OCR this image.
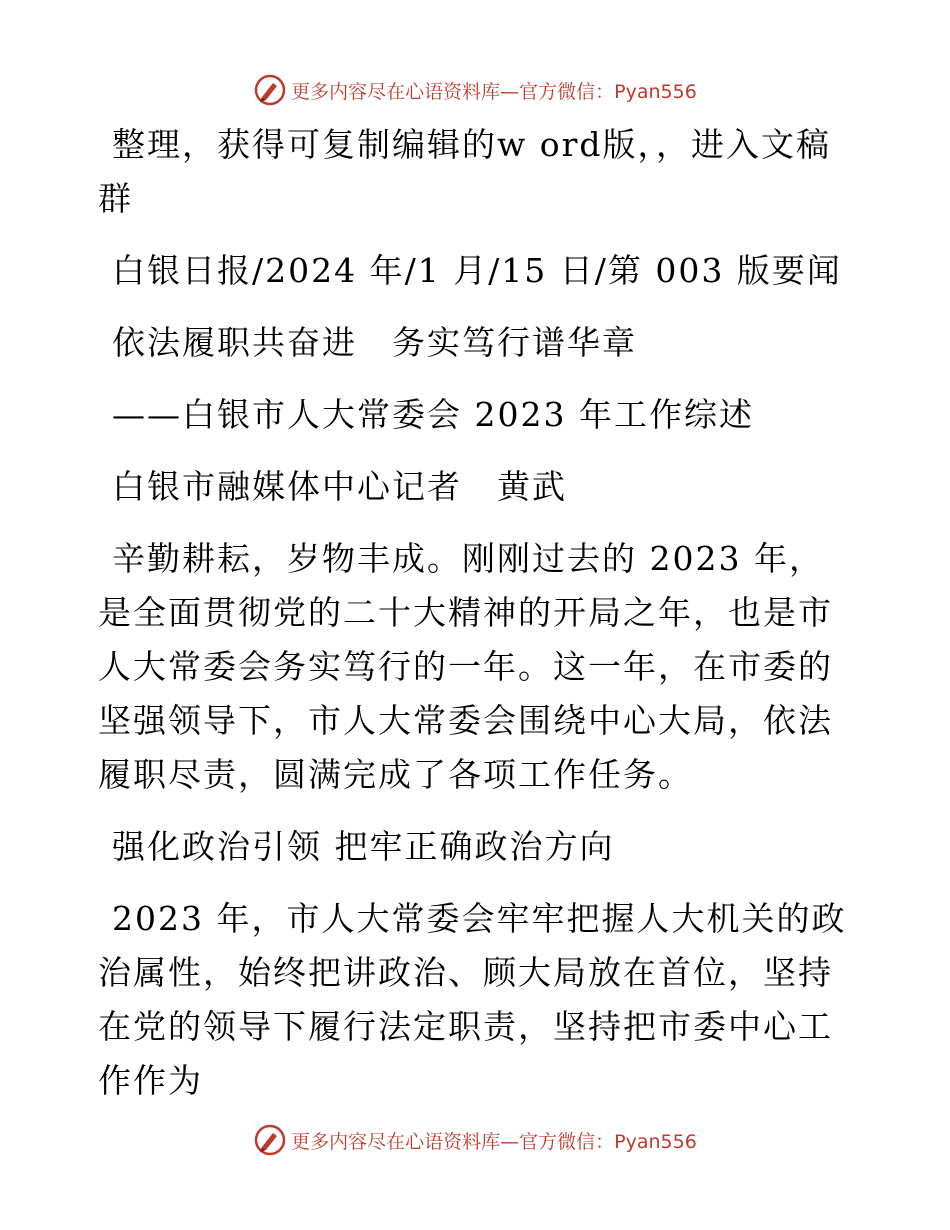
更多内容尽在心语资料库—官方微信：Pyan556

整理，获得可复制编辑的w ord版，，进入文稿群

白银日报/2024 年/1 月/15 日/第 003 版要闻

依法履职共奋进　务实笃行谱华章

——白银市人大常委会 2023 年工作综述

白银市融媒体中心记者　黄武

辛勤耕耘，岁物丰成。刚刚过去的 2023 年，是全面贯彻党的二十大精神的开局之年，也是市人大常委会务实笃行的一年。这一年，在市委的坚强领导下，市人大常委会围绕中心大局，依法履职尽责，圆满完成了各项工作任务。

强化政治引领 把牢正确政治方向

2023 年，市人大常委会牢牢把握人大机关的政治属性，始终把讲政治、顾大局放在首位，坚持在党的领导下履行法定职责，坚持把市委中心工作作为

更多内容尽在心语资料库—官方微信：Pyan556
